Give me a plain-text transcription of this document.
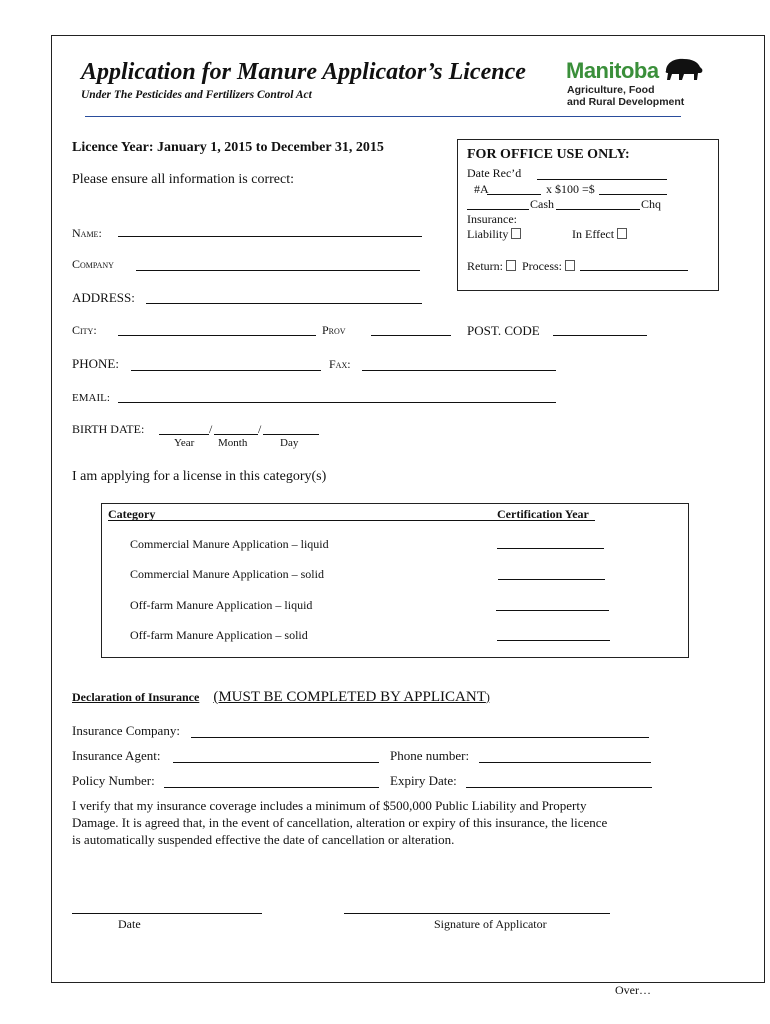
Application for Manure Applicator’s Licence
Under The Pesticides and Fertilizers Control Act
Manitoba
Agriculture, Food
and Rural Development
Licence Year: January 1, 2015 to December 31, 2015
Please ensure all information is correct:
FOR OFFICE USE ONLY:
Date Rec’d
#A	x $100 =$
Cash	Chq
Insurance:
Liability	In Effect
Return:	Process:
Name:
Company
ADDRESS:
City:	Prov	POST. CODE
PHONE:	Fax:
EMAIL:
BIRTH DATE:	/	/
Year Month	Day
I am applying for a license in this category(s)
Category	Certification Year
Commercial Manure Application – liquid
Commercial Manure Application – solid
Off-farm Manure Application – liquid
Off-farm Manure Application – solid
Declaration of Insurance (MUST BE COMPLETED BY APPLICANT)
Insurance Company:
Insurance Agent:	Phone number:
Policy Number:	Expiry Date:
I verify that my insurance coverage includes a minimum of $500,000 Public Liability and Property
Damage. It is agreed that, in the event of cancellation, alteration or expiry of this insurance, the licence
is automatically suspended effective the date of cancellation or alteration.
Date	Signature of Applicator
Over…
